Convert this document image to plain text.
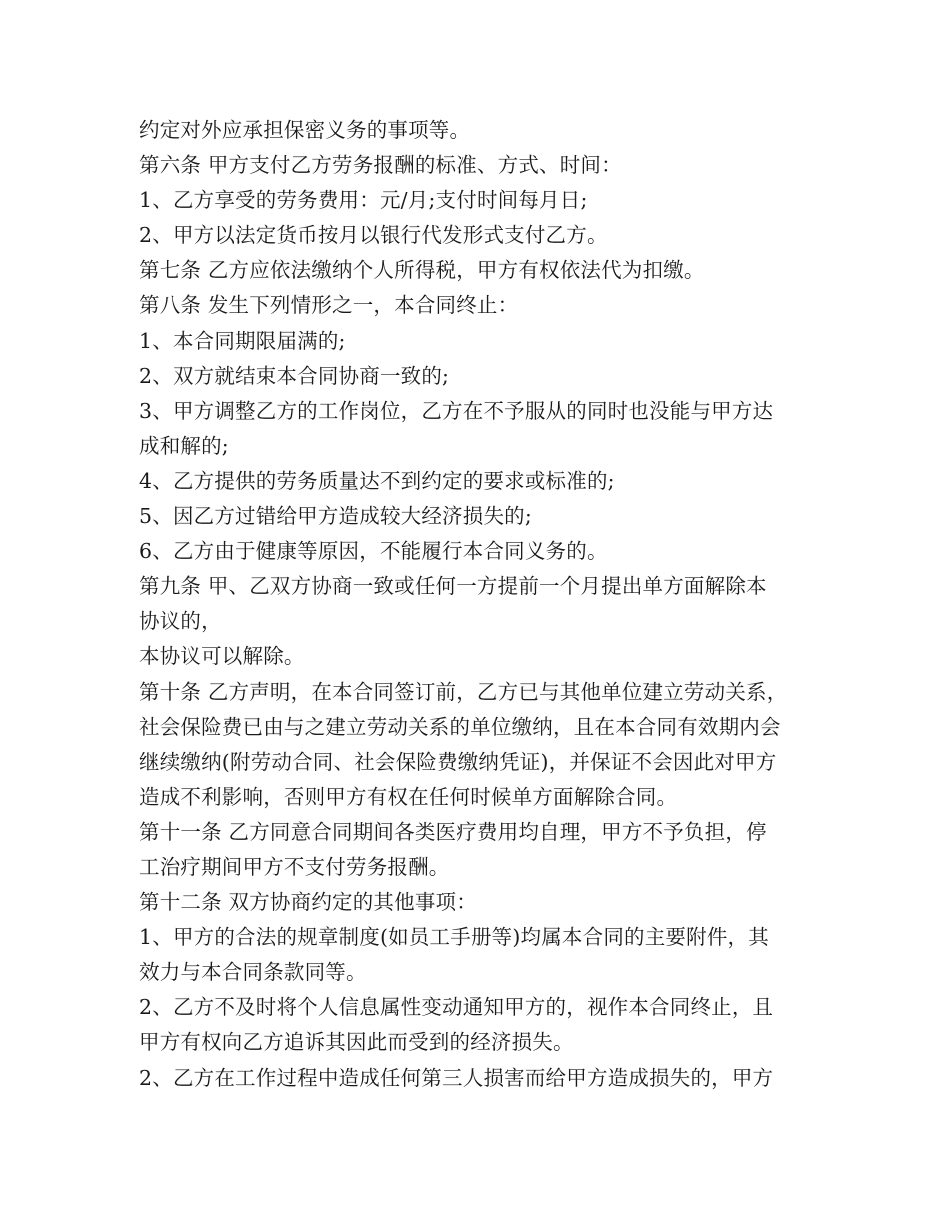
约定对外应承担保密义务的事项等。
第六条 甲方支付乙方劳务报酬的标准、方式、时间：
1、乙方享受的劳务费用：元/月;支付时间每月日;
2、甲方以法定货币按月以银行代发形式支付乙方。
第七条 乙方应依法缴纳个人所得税，甲方有权依法代为扣缴。
第八条 发生下列情形之一，本合同终止：
1、本合同期限届满的;
2、双方就结束本合同协商一致的;
3、甲方调整乙方的工作岗位，乙方在不予服从的同时也没能与甲方达
成和解的;
4、乙方提供的劳务质量达不到约定的要求或标准的;
5、因乙方过错给甲方造成较大经济损失的;
6、乙方由于健康等原因，不能履行本合同义务的。
第九条 甲、乙双方协商一致或任何一方提前一个月提出单方面解除本
协议的，
本协议可以解除。
第十条 乙方声明，在本合同签订前，乙方已与其他单位建立劳动关系，
社会保险费已由与之建立劳动关系的单位缴纳，且在本合同有效期内会
继续缴纳(附劳动合同、社会保险费缴纳凭证)，并保证不会因此对甲方
造成不利影响，否则甲方有权在任何时候单方面解除合同。
第十一条 乙方同意合同期间各类医疗费用均自理，甲方不予负担，停
工治疗期间甲方不支付劳务报酬。
第十二条 双方协商约定的其他事项：
1、甲方的合法的规章制度(如员工手册等)均属本合同的主要附件，其
效力与本合同条款同等。
2、乙方不及时将个人信息属性变动通知甲方的，视作本合同终止，且
甲方有权向乙方追诉其因此而受到的经济损失。
2、乙方在工作过程中造成任何第三人损害而给甲方造成损失的，甲方
